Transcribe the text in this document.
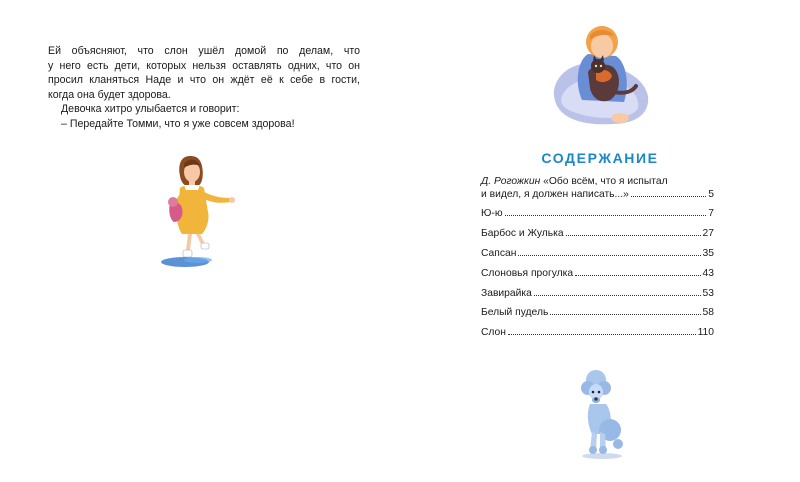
Ей объясняют, что слон ушёл домой по делам, что

у него есть дети, которых нельзя оставлять одних, что он

просил кланяться Наде и что он ждёт её к себе в гости,

когда она будет здорова.

Девочка хитро улыбается и говорит:

– Передайте Томми, что я уже совсем здорова!

СОДЕРЖАНИЕ
Д. Рогожкин «Обо всём, что я испытал
и видел, я должен написать...»	5
Ю-ю	7
Барбос и Жулька	27
Сапсан	35
Слоновья прогулка	43
Завирайка	53
Белый пудель	58
Слон	110
